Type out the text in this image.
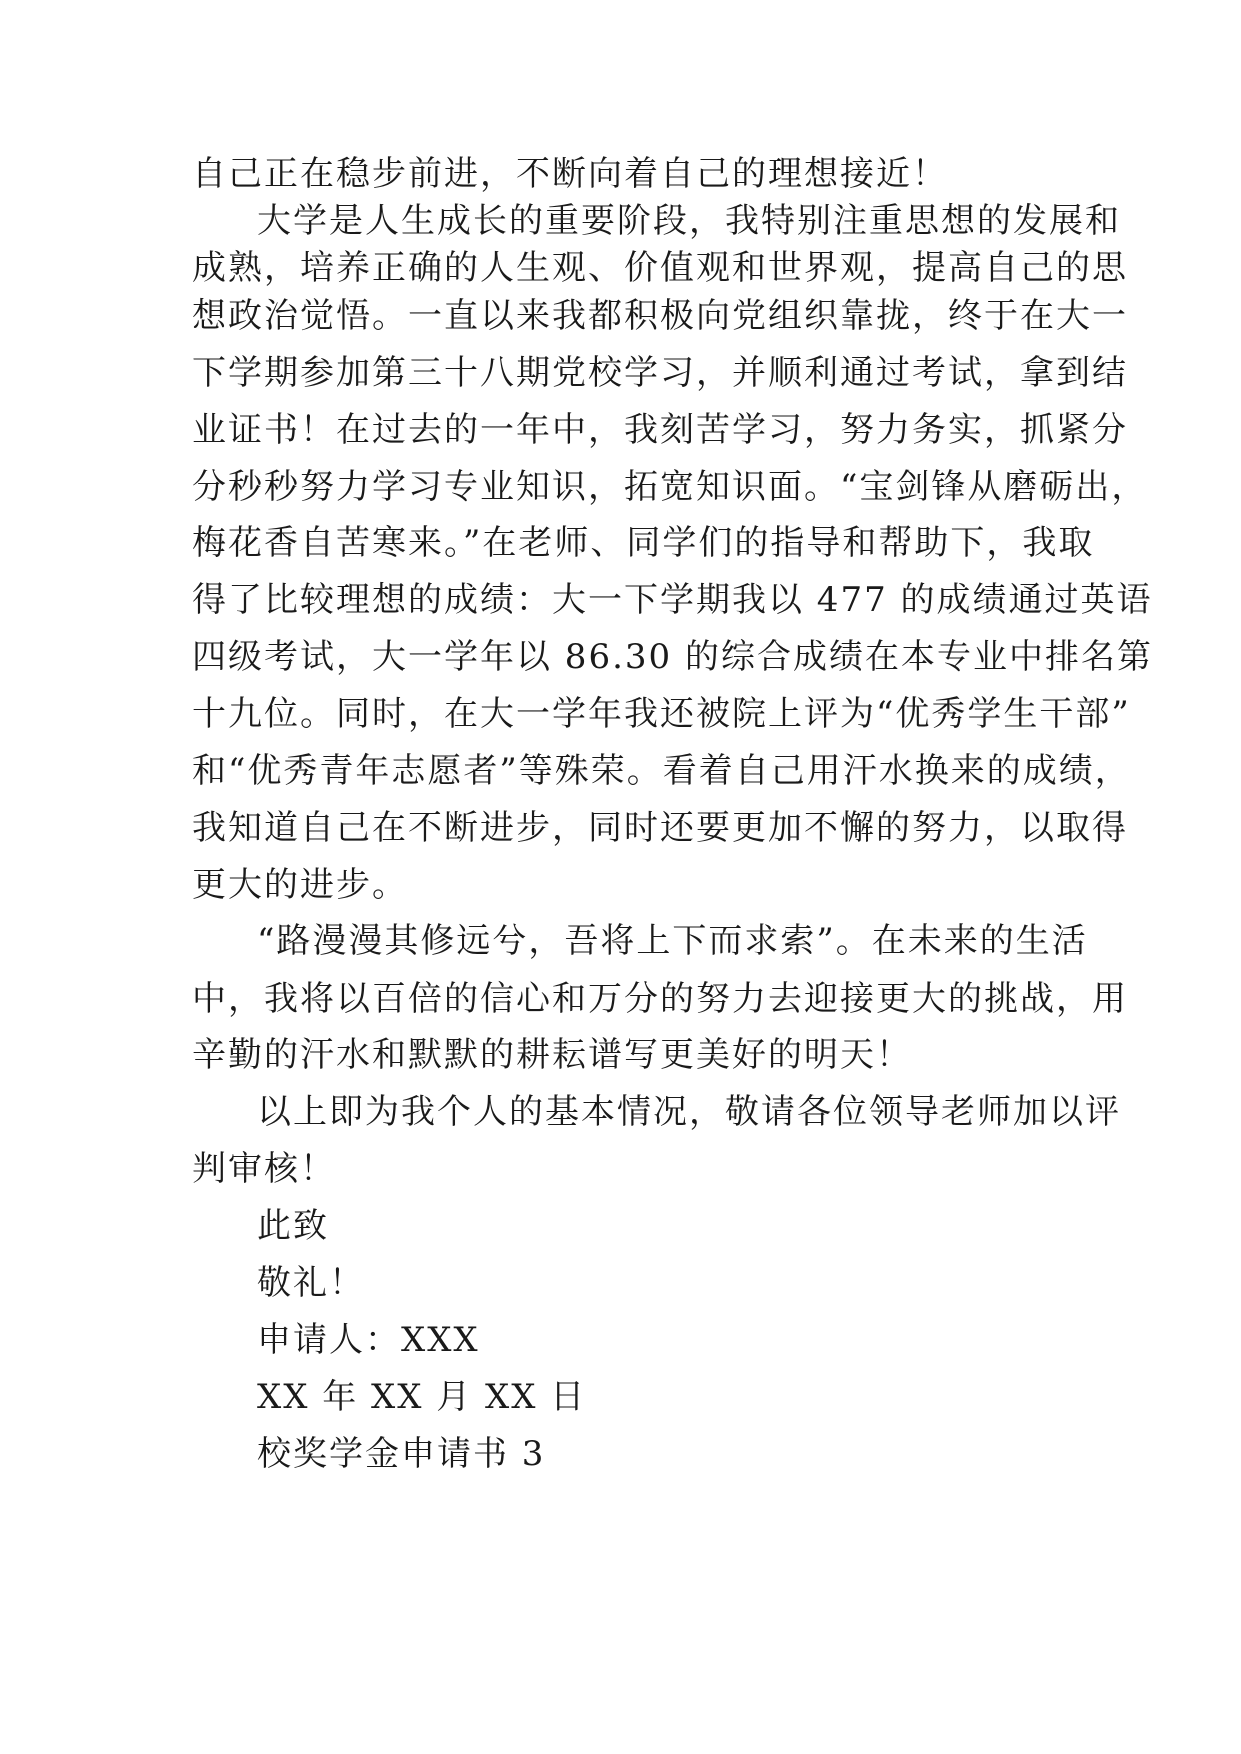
自己正在稳步前进，不断向着自己的理想接近！
大学是人生成长的重要阶段，我特别注重思想的发展和
成熟，培养正确的人生观、价值观和世界观，提高自己的思
想政治觉悟。一直以来我都积极向党组织靠拢，终于在大一
下学期参加第三十八期党校学习，并顺利通过考试，拿到结
业证书！在过去的一年中，我刻苦学习，努力务实，抓紧分
分秒秒努力学习专业知识，拓宽知识面。“宝剑锋从磨砺出，
梅花香自苦寒来。”在老师、同学们的指导和帮助下，我取
得了比较理想的成绩：大一下学期我以 477 的成绩通过英语
四级考试，大一学年以 86.30 的综合成绩在本专业中排名第
十九位。同时，在大一学年我还被院上评为“优秀学生干部”
和“优秀青年志愿者”等殊荣。看着自己用汗水换来的成绩，
我知道自己在不断进步，同时还要更加不懈的努力，以取得
更大的进步。
“路漫漫其修远兮，吾将上下而求索”。在未来的生活
中，我将以百倍的信心和万分的努力去迎接更大的挑战，用
辛勤的汗水和默默的耕耘谱写更美好的明天！
以上即为我个人的基本情况，敬请各位领导老师加以评
判审核！
此致
敬礼！
申请人：XXX
XX 年 XX 月 XX 日
校奖学金申请书 3
